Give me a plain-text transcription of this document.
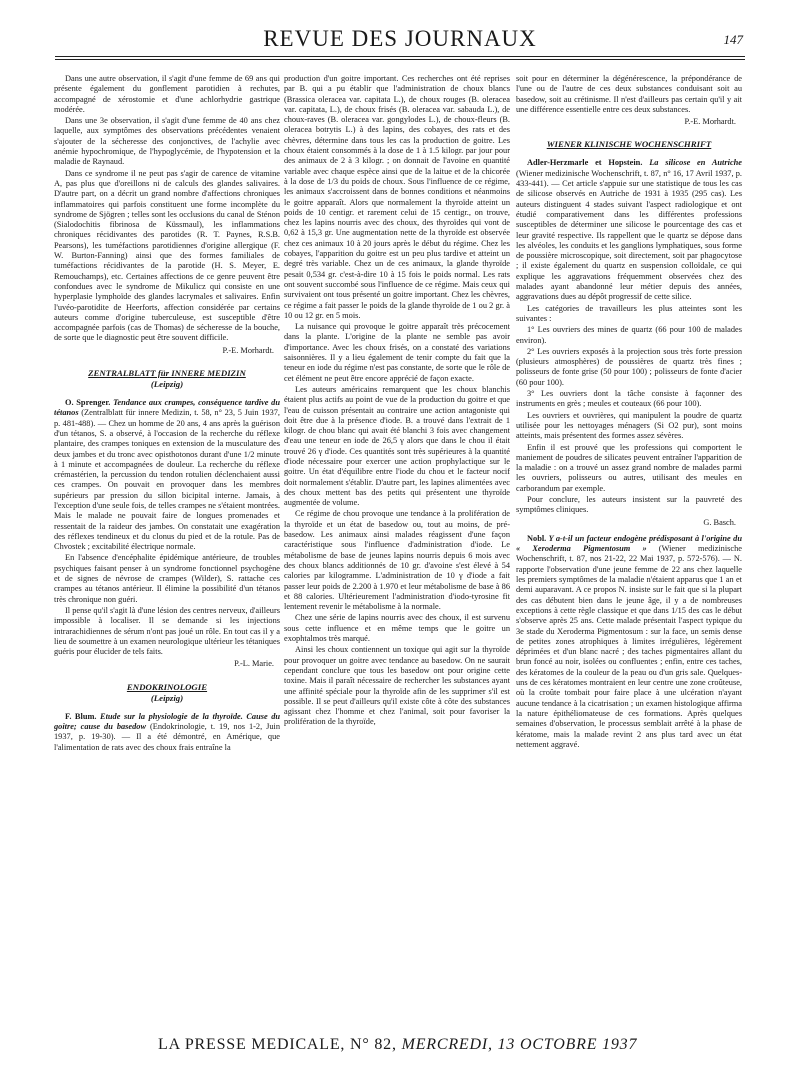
REVUE DES JOURNAUX	147

Dans une autre observation, il s'agit d'une femme de 69 ans qui présente également du gonflement parotidien à rechutes, accompagné de xérostomie et d'une achlorhydrie gastrique modérée.

Dans une 3e observation, il s'agit d'une femme de 40 ans chez laquelle, aux symptômes des observations précédentes venaient s'ajouter de la sécheresse des conjonctives, de l'achylie avec anémie hypochromique, de l'hypoglycémie, de l'hypotension et la maladie de Raynaud.

Dans ce syndrome il ne peut pas s'agir de carence de vitamine A, pas plus que d'oreillons ni de calculs des glandes salivaires. D'autre part, on a décrit un grand nombre d'affections chroniques inflammatoires qui parfois constituent une forme incomplète du syndrome de Sjögren ; telles sont les occlusions du canal de Sténon (Sialodochitis fibrinosa de Küssmaul), les inflammations chroniques récidivantes des parotides (R. T. Paynes, R.S.B. Pearsons), les tuméfactions parotidiennes d'origine allergique (F. W. Burton-Fanning) ainsi que des formes familiales de tuméfactions récidivantes de la parotide (H. S. Meyer, E. Remouchamps), etc. Certaines affections de ce genre peuvent être confondues avec le syndrome de Mikulicz qui consiste en une hyperplasie lymphoïde des glandes lacrymales et salivaires. Enfin l'uvéo-parotidite de Heerforts, affection considérée par certains auteurs comme d'origine tuberculeuse, est susceptible d'être accompagnée parfois (cas de Thomas) de sécheresse de la bouche, de sorte que le diagnostic peut être souvent difficile.

P.-E. Morhardt.

ZENTRALBLATT für INNERE MEDIZIN
(Leipzig)

O. Sprenger. Tendance aux crampes, conséquence tardive du tétanos (Zentralblatt für innere Medizin, t. 58, n° 23, 5 Juin 1937, p. 481-488). — Chez un homme de 20 ans, 4 ans après la guérison d'un tétanos, S. a observé, à l'occasion de la recherche du réflexe plantaire, des crampes toniques en extension de la musculature des deux jambes et du tronc avec opisthotonos durant d'une 1/2 minute à 1 minute et accompagnées de douleur. La recherche du réflexe crémastérien, la percussion du tendon rotulien déclenchaient aussi ces crampes. On pouvait en provoquer dans les membres supérieurs par pression du sillon bicipital interne. Jamais, à l'exception d'une seule fois, de telles crampes ne s'étaient montrées. Mais le malade ne pouvait faire de longues promenades et ressentait de la raideur des jambes. On constatait une exagération des réflexes tendineux et du clonus du pied et de la rotule. Pas de Chvostek ; excitabilité électrique normale.

En l'absence d'encéphalite épidémique antérieure, de troubles psychiques faisant penser à un syndrome fonctionnel psychogène et de signes de névrose de crampes (Wilder), S. rattache ces crampes au tétanos antérieur. Il élimine la possibilité d'un tétanos très chronique non guéri.

Il pense qu'il s'agit là d'une lésion des centres nerveux, d'ailleurs impossible à localiser. Il se demande si les injections intrarachidiennes de sérum n'ont pas joué un rôle. En tout cas il y a lieu de soumettre à un examen neurologique ultérieur les tétaniques guéris pour élucider de tels faits.

P.-L. Marie.

ENDOKRINOLOGIE
(Leipzig)

F. Blum. Etude sur la physiologie de la thyroïde. Cause du goitre; cause du basedow (Endokrinologie, t. 19, nos 1-2, Juin 1937, p. 19-30). — Il a été démontré, en Amérique, que l'alimentation de rats avec des choux frais entraîne la

production d'un goitre important. Ces recherches ont été reprises par B. qui a pu établir que l'administration de choux blancs (Brassica oleracea var. capitata L.), de choux rouges (B. oleracea var. capitata, L.), de choux frisés (B. oleracea var. sabauda L.), de choux-raves (B. oleracea var. gongylodes L.), de choux-fleurs (B. oleracea botrytis L.) à des lapins, des cobayes, des rats et des chèvres, détermine dans tous les cas la production de goitre. Les choux étaient consommés à la dose de 1 à 1.5 kilogr. par jour pour des animaux de 2 à 3 kilogr. ; on donnait de l'avoine en quantité variable avec chaque espèce ainsi que de la laitue et de la chicorée à la dose de 1/3 du poids de choux. Sous l'influence de ce régime, les animaux s'accroissent dans de bonnes conditions et néanmoins le goitre apparaît. Alors que normalement la thyroïde atteint un poids de 10 centigr. et rarement celui de 15 centigr., on trouve, chez les lapins nourris avec des choux, des thyroïdes qui vont de 0,62 à 15,3 gr. Une augmentation nette de la thyroïde est observée chez ces animaux 10 à 20 jours après le début du régime. Chez les cobayes, l'apparition du goitre est un peu plus tardive et atteint un degré très variable. Chez un de ces animaux, la glande thyroïde pesait 0,534 gr. c'est-à-dire 10 à 15 fois le poids normal. Les rats ont souvent succombé sous l'influence de ce régime. Mais ceux qui survivaient ont tous présenté un goitre important. Chez les chèvres, ce régime a fait passer le poids de la glande thyroïde de 1 ou 2 gr. à 10 ou 12 gr. en 5 mois.

La nuisance qui provoque le goitre apparaît très précocement dans la plante. L'origine de la plante ne semble pas avoir d'importance. Avec les choux frisés, on a constaté des variations saisonnières. Il y a lieu également de tenir compte du fait que la teneur en iode du régime n'est pas constante, de sorte que le rôle de cet élément ne peut être encore apprécié de façon exacte.

Les auteurs américains remarquent que les choux blanchis étaient plus actifs au point de vue de la production du goitre et que l'eau de cuisson présentait au contraire une action antagoniste qui doit être due à la présence d'iode. B. a trouvé dans l'extrait de 1 kilogr. de chou blanc qui avait été blanchi 3 fois avec changement d'eau une teneur en iode de 26,5 γ alors que dans le chou il était trouvé 26 γ d'iode. Ces quantités sont très supérieures à la quantité d'iode nécessaire pour exercer une action prophylactique sur le goitre. Un état d'équilibre entre l'iode du chou et le facteur nocif doit normalement s'établir. D'autre part, les lapines alimentées avec des choux mettent bas des petits qui présentent une thyroïde augmentée de volume.

Ce régime de chou provoque une tendance à la prolifération de la thyroïde et un état de basedow ou, tout au moins, de pré-basedow. Les animaux ainsi malades réagissent d'une façon caractéristique sous l'influence d'administration d'iode. Le métabolisme de base de jeunes lapins nourris depuis 6 mois avec des choux blancs additionnés de 10 gr. d'avoine s'est élevé à 54 calories par kilogramme. L'administration de 10 γ d'iode a fait passer leur poids de 2.200 à 1.970 et leur métabolisme de base à 86 et 88 calories. Ultérieurement l'administration d'iodo-tyrosine fit lentement revenir le métabolisme à la normale.

Chez une série de lapins nourris avec des choux, il est survenu sous cette influence et en même temps que le goitre un exophtalmos très marqué.

Ainsi les choux contiennent un toxique qui agit sur la thyroïde pour provoquer un goitre avec tendance au basedow. On ne saurait cependant conclure que tous les basedow ont pour origine cette toxine. Mais il paraît nécessaire de rechercher les substances ayant une affinité spéciale pour la thyroïde afin de les supprimer s'il est possible. Il se peut d'ailleurs qu'il existe côte à côte des substances agissant chez l'homme et chez l'animal, soit pour favoriser la prolifération de la thyroïde,

soit pour en déterminer la dégénérescence, la prépondérance de l'une ou de l'autre de ces deux substances conduisant soit au basedow, soit au crétinisme. Il n'est d'ailleurs pas certain qu'il y ait une différence essentielle entre ces deux substances.

P.-E. Morhardt.

WIENER KLINISCHE WOCHENSCHRIFT

Adler-Herzmarle et Hopstein. La silicose en Autriche (Wiener medizinische Wochenschrift, t. 87, n° 16, 17 Avril 1937, p. 433-441). — Cet article s'appuie sur une statistique de tous les cas de silicose observés en Autriche de 1931 à 1935 (295 cas). Les auteurs distinguent 4 stades suivant l'aspect radiologique et ont étudié comparativement dans les différentes professions susceptibles de déterminer une silicose le pourcentage des cas et leur gravité respective. Ils rappellent que le quartz se dépose dans les alvéoles, les conduits et les ganglions lymphatiques, sous forme de poussière microscopique, soit directement, soit par phagocytose ; il existe également du quartz en suspension colloïdale, ce qui explique les aggravations fréquemment observées chez des malades ayant abandonné leur métier depuis des années, aggravations dues au dépôt progressif de cette silice.

Les catégories de travailleurs les plus atteintes sont les suivantes :

1° Les ouvriers des mines de quartz (66 pour 100 de malades environ).

2° Les ouvriers exposés à la projection sous très forte pression (plusieurs atmosphères) de poussières de quartz très fines ; polisseurs de fonte grise (50 pour 100) ; polisseurs de fonte d'acier (60 pour 100).

3° Les ouvriers dont la tâche consiste à façonner des instruments en grès ; meules et couteaux (66 pour 100).

Les ouvriers et ouvrières, qui manipulent la poudre de quartz utilisée pour les nettoyages ménagers (Si O2 pur), sont moins atteints, mais présentent des formes assez sévères.

Enfin il est prouvé que les professions qui comportent le maniement de poudres de silicates peuvent entraîner l'apparition de la maladie : on a trouvé un assez grand nombre de malades parmi les ouvriers, polisseurs ou autres, utilisant des meules en carborandum par exemple.

Pour conclure, les auteurs insistent sur la pauvreté des symptômes cliniques.

G. Basch.

Nobl. Y a-t-il un facteur endogène prédisposant à l'origine du « Xeroderma Pigmentosum » (Wiener medizinische Wochenschrift, t. 87, nos 21-22, 22 Mai 1937, p. 572-576). — N. rapporte l'observation d'une jeune femme de 22 ans chez laquelle les premiers symptômes de la maladie n'étaient apparus que 1 an et demi auparavant. A ce propos N. insiste sur le fait que si la plupart des cas débutent bien dans le jeune âge, il y a de nombreuses exceptions à cette règle classique et que dans 1/15 des cas le début s'observe après 25 ans. Cette malade présentait l'aspect typique du 3e stade du Xeroderma Pigmentosum : sur la face, un semis dense de petites zones atrophiques à limites irrégulières, légèrement déprimées et d'un blanc nacré ; des taches pigmentaires allant du brun foncé au noir, isolées ou confluentes ; enfin, entre ces taches, des kératomes de la couleur de la peau ou d'un gris sale. Quelques-uns de ces kératomes montraient en leur centre une zone croûteuse, où la croûte tombait pour faire place à une ulcération n'ayant aucune tendance à la cicatrisation ; un examen histologique affirma la nature épithéliomateuse de ces formations. Après quelques semaines d'observation, le processus semblait arrêté à la phase de kératome, mais la malade revint 2 ans plus tard avec un état nettement aggravé.

LA PRESSE MEDICALE, N° 82, MERCREDI, 13 OCTOBRE 1937
